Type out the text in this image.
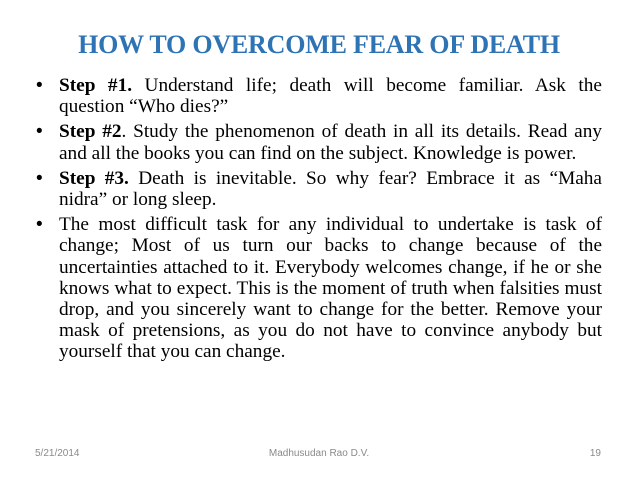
HOW TO OVERCOME FEAR OF DEATH
• Step #1. Understand life; death will become familiar. Ask the question “Who dies?”
• Step #2. Study the phenomenon of death in all its details. Read any and all the books you can find on the subject. Knowledge is power.
• Step #3. Death is inevitable. So why fear? Embrace it as “Maha nidra” or long sleep.
• The most difficult task for any individual to undertake is task of change; Most of us turn our backs to change because of the uncertainties attached to it. Everybody welcomes change, if he or she knows what to expect. This is the moment of truth when falsities must drop, and you sincerely want to change for the better. Remove your mask of pretensions, as you do not have to convince anybody but yourself that you can change.
5/21/2014	Madhusudan Rao D.V.	19
